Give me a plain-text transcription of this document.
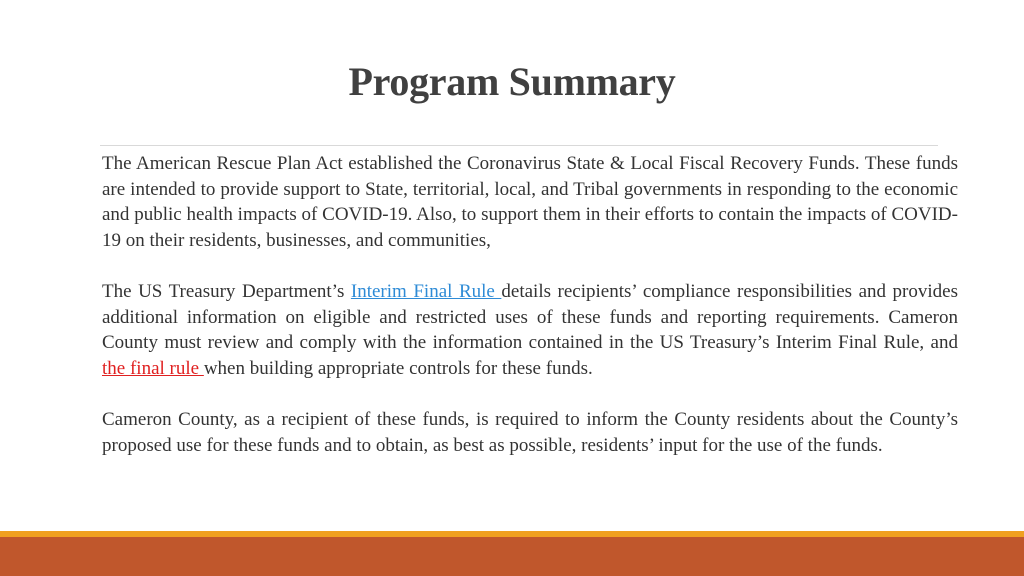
Program Summary

The American Rescue Plan Act established the Coronavirus State & Local Fiscal Recovery Funds. These funds are intended to provide support to State, territorial, local, and Tribal governments in responding to the economic and public health impacts of COVID-19. Also, to support them in their efforts to contain the impacts of COVID-19 on their residents, businesses, and communities,

The US Treasury Department’s Interim Final Rule details recipients’ compliance responsibilities and provides additional information on eligible and restricted uses of these funds and reporting requirements. Cameron County must review and comply with the information contained in the US Treasury’s Interim Final Rule, and the final rule when building appropriate controls for these funds.

Cameron County, as a recipient of these funds, is required to inform the County residents about the County’s proposed use for these funds and to obtain, as best as possible, residents’ input for the use of the funds.
